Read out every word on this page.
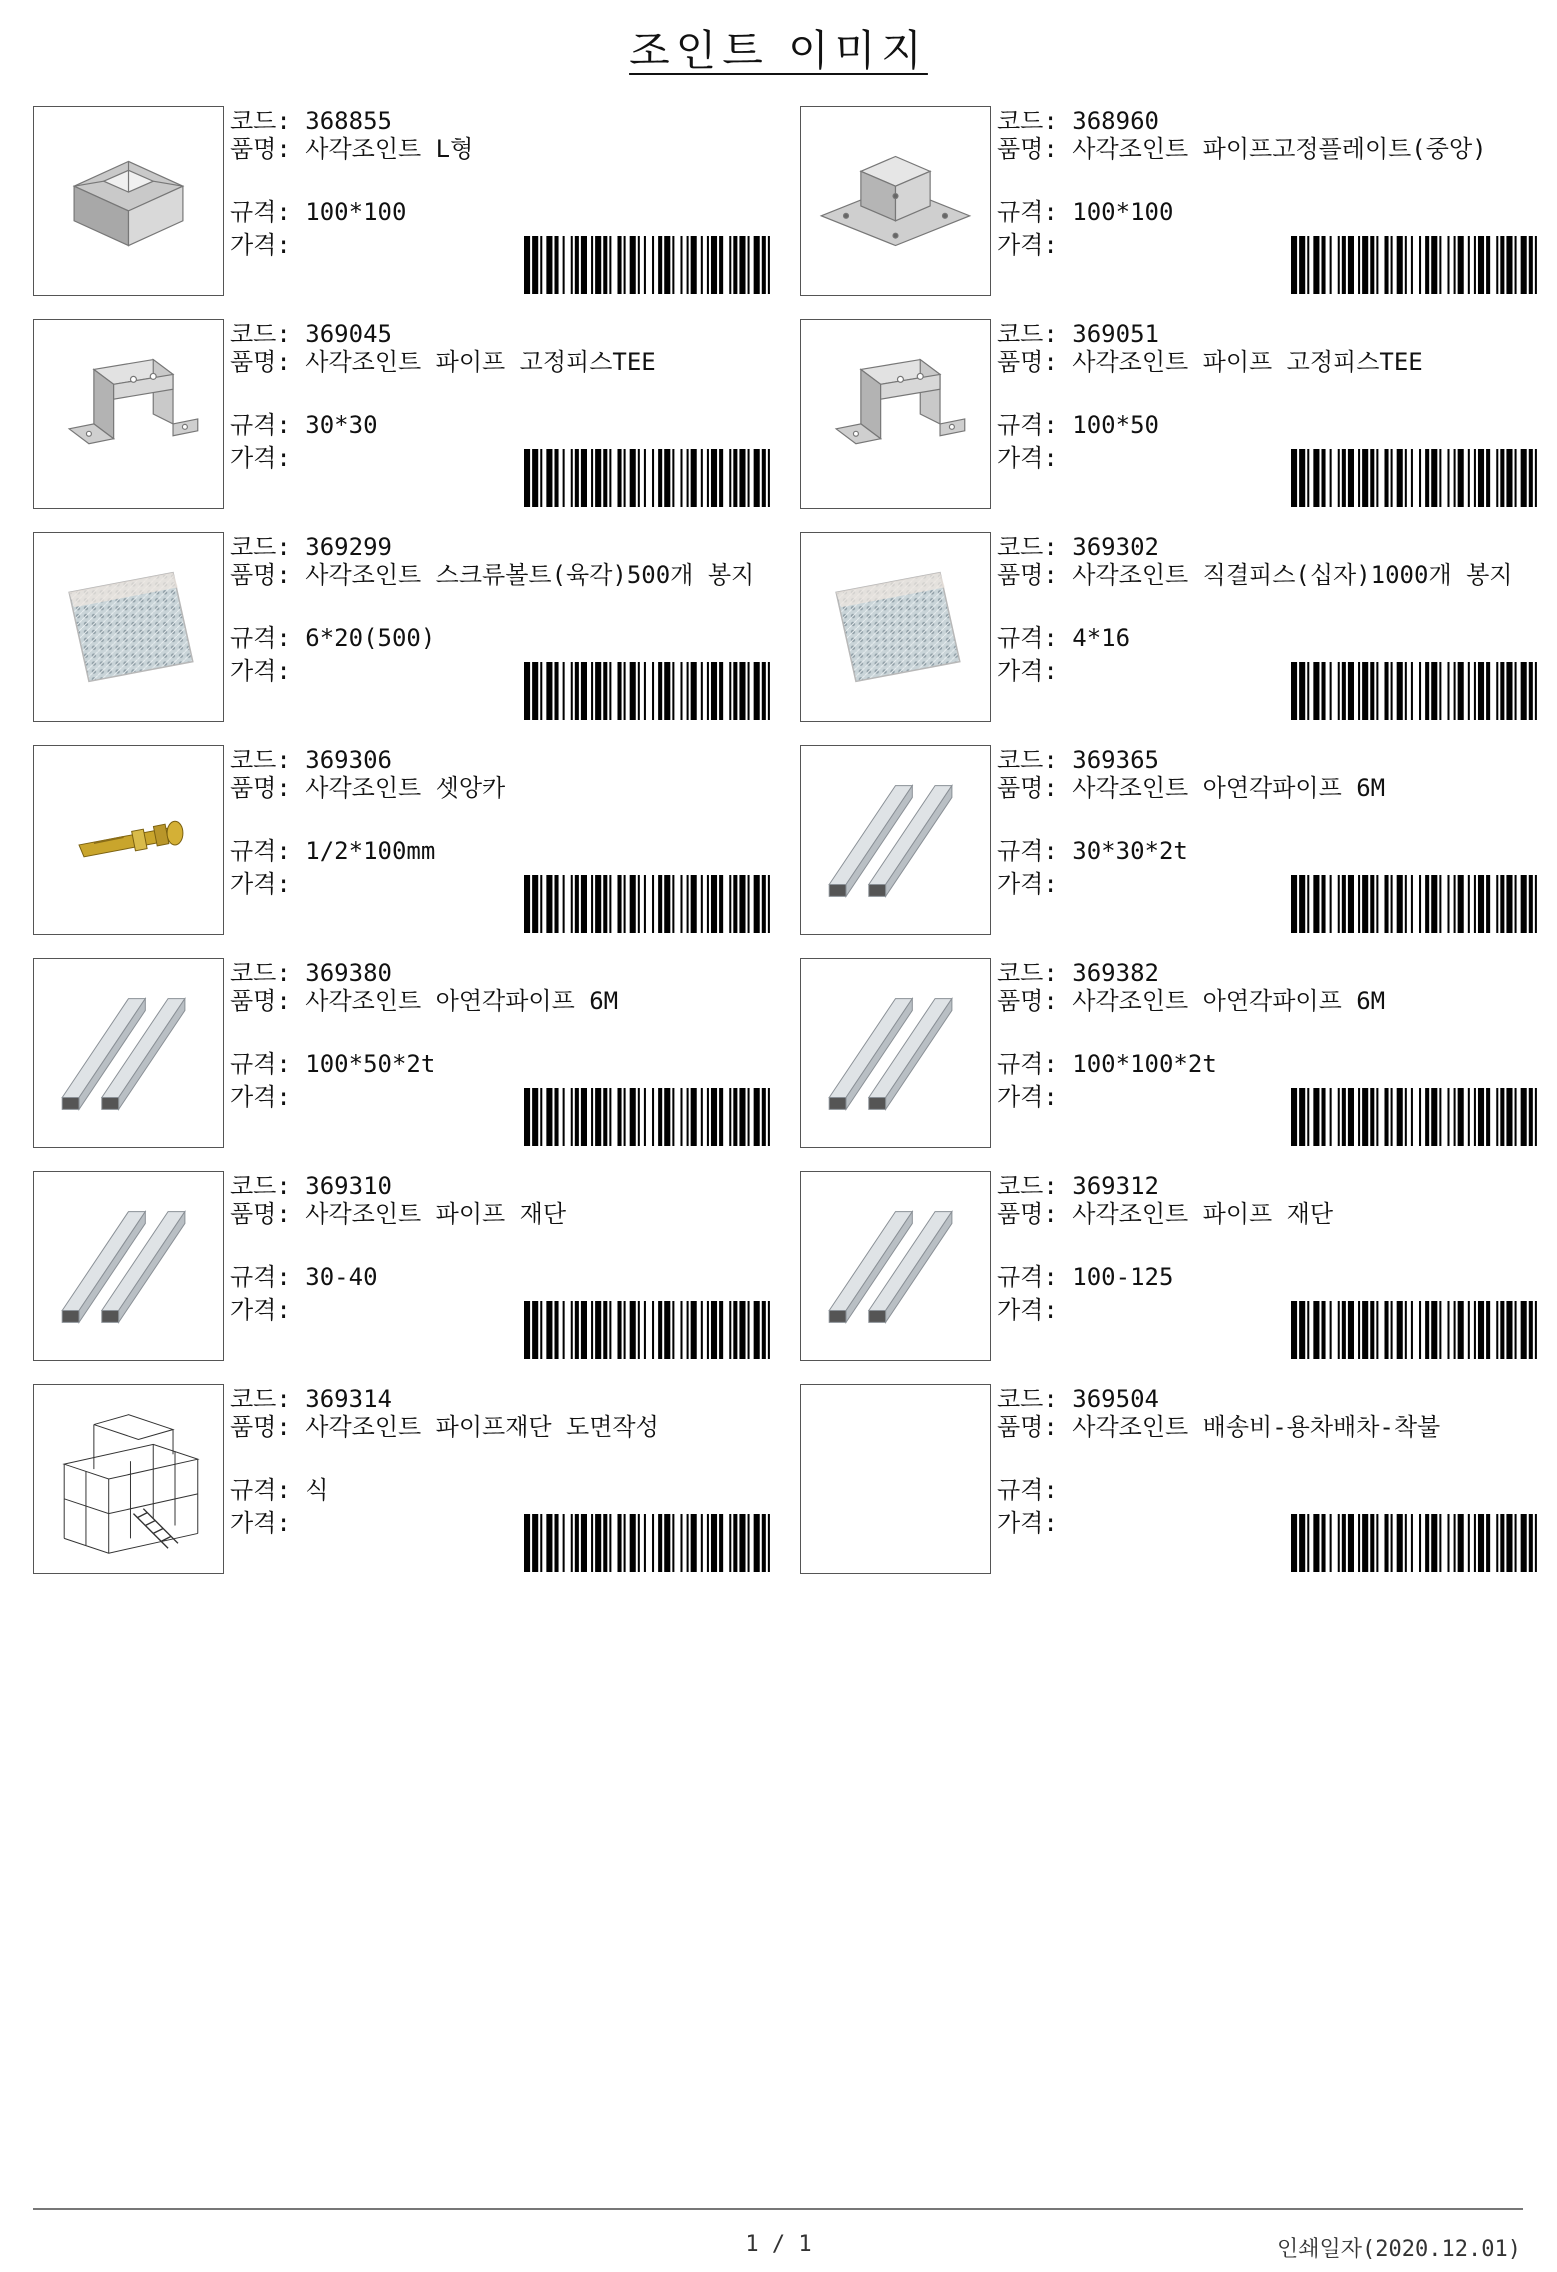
조인트 이미지
코드: 368855
품명: 사각조인트 L형
규격: 100*100
가격:
코드: 368960
품명: 사각조인트 파이프고정플레이트(중앙)
규격: 100*100
가격:
코드: 369045
품명: 사각조인트 파이프 고정피스TEE
규격: 30*30
가격:
코드: 369051
품명: 사각조인트 파이프 고정피스TEE
규격: 100*50
가격:
코드: 369299
품명: 사각조인트 스크류볼트(육각)500개 봉지
규격: 6*20(500)
가격:
코드: 369302
품명: 사각조인트 직결피스(십자)1000개 봉지
규격: 4*16
가격:
코드: 369306
품명: 사각조인트 셋앙카
규격: 1/2*100mm
가격:
코드: 369365
품명: 사각조인트 아연각파이프 6M
규격: 30*30*2t
가격:
코드: 369380
품명: 사각조인트 아연각파이프 6M
규격: 100*50*2t
가격:
코드: 369382
품명: 사각조인트 아연각파이프 6M
규격: 100*100*2t
가격:
코드: 369310
품명: 사각조인트 파이프 재단
규격: 30-40
가격:
코드: 369312
품명: 사각조인트 파이프 재단
규격: 100-125
가격:
코드: 369314
품명: 사각조인트 파이프재단 도면작성
규격: 식
가격:
코드: 369504
품명: 사각조인트 배송비-용차배차-착불
규격:
가격:
1 / 1	인쇄일자(2020.12.01)
